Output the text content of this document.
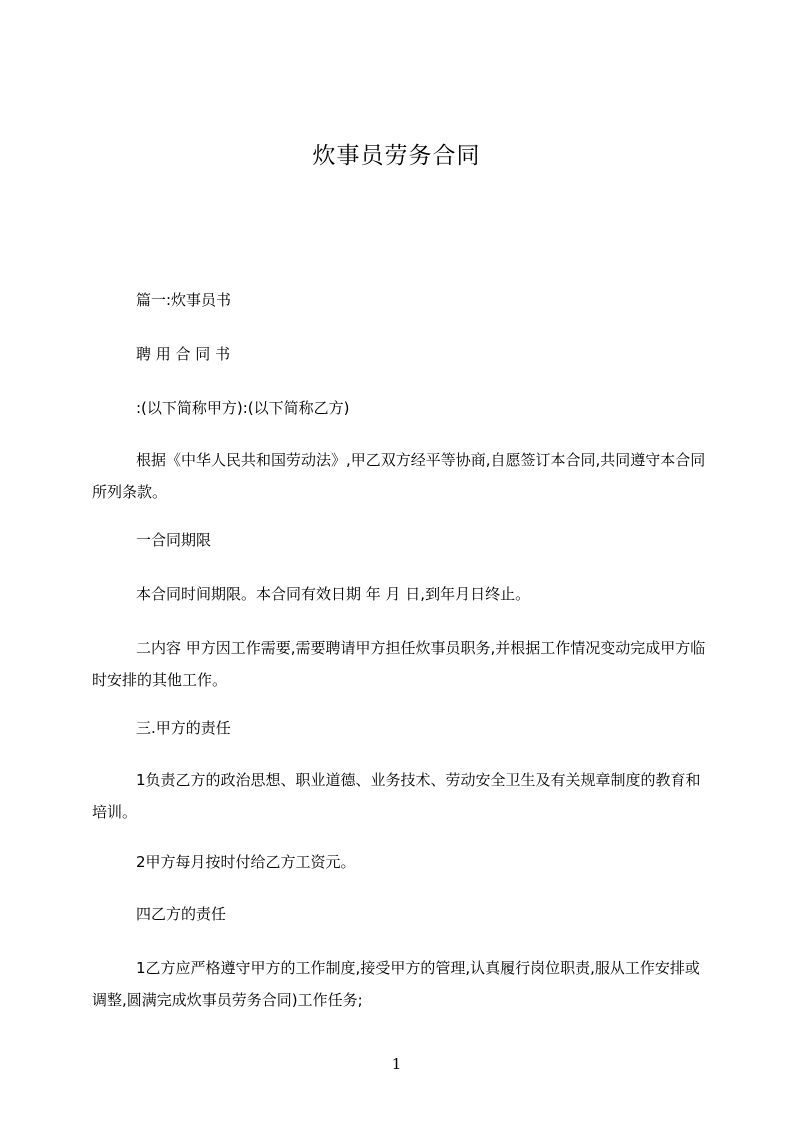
炊事员劳务合同
篇一:炊事员书
聘 用 合 同 书
:(以下简称甲方):(以下简称乙方)
根据《中华人民共和国劳动法》,甲乙双方经平等协商,自愿签订本合同,共同遵守本合同所列条款。
一合同期限
本合同时间期限。本合同有效日期 年 月 日,到年月日终止。
二内容 甲方因工作需要,需要聘请甲方担任炊事员职务,并根据工作情况变动完成甲方临时安排的其他工作。
三.甲方的责任
1负责乙方的政治思想、职业道德、业务技术、劳动安全卫生及有关规章制度的教育和培训。
2甲方每月按时付给乙方工资元。
四乙方的责任
1乙方应严格遵守甲方的工作制度,接受甲方的管理,认真履行岗位职责,服从工作安排或调整,圆满完成炊事员劳务合同)工作任务;
1
